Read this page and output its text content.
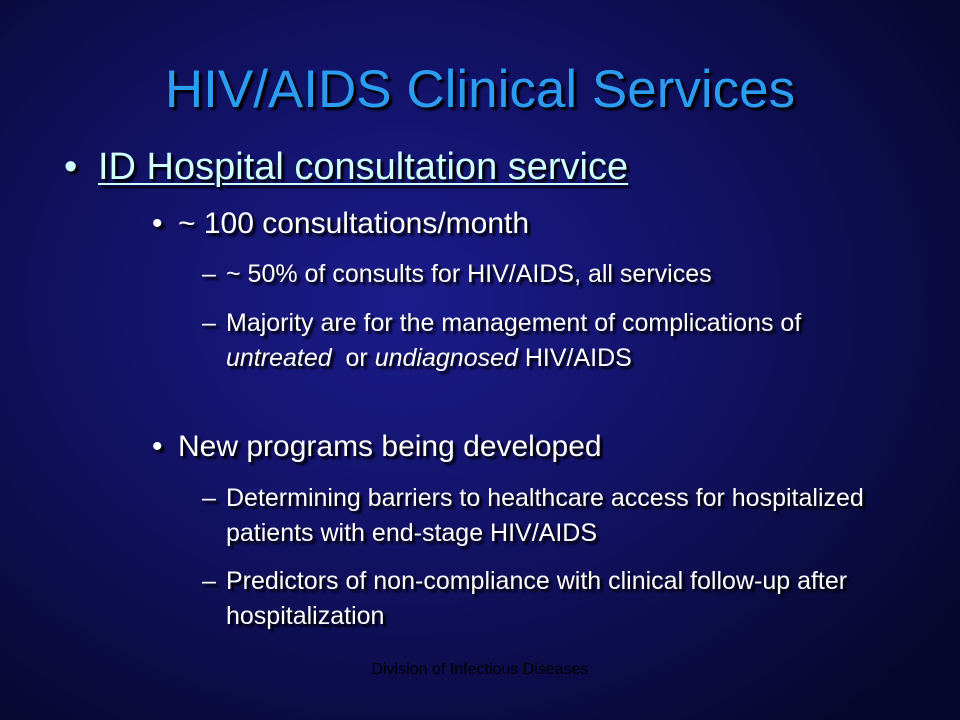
HIV/AIDS Clinical Services
• ID Hospital consultation service
• ~ 100 consultations/month
– ~ 50% of consults for HIV/AIDS, all services
– Majority are for the management of complications of untreated  or undiagnosed HIV/AIDS
• New programs being developed
– Determining barriers to healthcare access for hospitalized patients with end-stage HIV/AIDS
– Predictors of non-compliance with clinical follow-up after hospitalization
Division of Infectious Diseases
